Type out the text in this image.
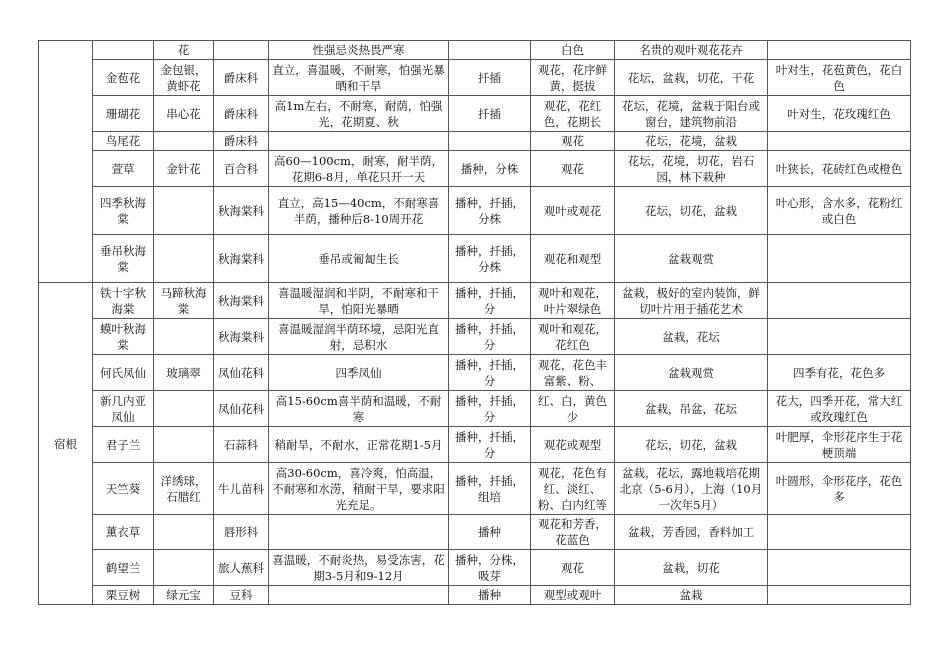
		花		性强忌炎热畏严寒		白色	名贵的观叶观花花卉	
	金苞花	金包银，黄虾花	爵床科	直立，喜温暖，不耐寒，怕强光暴晒和干旱	扦插	观花，花序鲜黄，挺拔	花坛，盆栽，切花，干花	叶对生，花苞黄色，花白色
	珊瑚花	串心花	爵床科	高1m左右，不耐寒，耐荫，怕强光，花期夏、秋	扦插	观花，花红色，花期长	花坛，花境，盆栽于阳台或窗台，建筑物前沿	叶对生，花玫瑰红色
	鸟尾花		爵床科			观花	花坛，花境，盆栽	
	萱草	金针花	百合科	高60—100cm，耐寒，耐半荫，花期6-8月，单花只开一天	播种，分株	观花	花坛，花境，切花，岩石园，林下栽种	叶狭长，花砖红色或橙色
	四季秋海棠		秋海棠科	直立，高15—40cm，不耐寒喜半荫，播种后8-10周开花	播种，扦插，分株	观叶或观花	花坛，切花，盆栽	叶心形，含水多，花粉红或白色
	垂吊秋海棠		秋海棠科	垂吊或匍匐生长	播种，扦插，分株	观花和观型	盆栽观赏	
宿根	铁十字秋海棠	马蹄秋海棠	秋海棠科	喜温暖湿润和半阴，不耐寒和干旱，怕阳光暴晒	播种，扦插，分	观叶和观花，叶片翠绿色	盆栽，极好的室内装饰，鲜切叶片用于插花艺术	
	蟆叶秋海棠		秋海棠科	喜温暖湿润半荫环境，忌阳光直射，忌积水	播种，扦插，分	观叶和观花，花红色	盆栽，花坛	
	何氏凤仙	玻璃翠	凤仙花科	四季凤仙	播种，扦插，分	观花，花色丰富紫、粉、	盆栽观赏	四季有花，花色多
	新几内亚凤仙		凤仙花科	高15-60cm喜半荫和温暖，不耐寒	播种，扦插，分	红、白，黄色少	盆栽，吊盆，花坛	花大，四季开花，常大红或玫瑰红色
	君子兰		石蒜科	稍耐旱，不耐水，正常花期1-5月	播种，扦插，分	观花或观型	花坛，切花，盆栽	叶肥厚，伞形花序生于花梗顶端
	天竺葵	洋绣球，石腊红	牛儿苗科	高30-60cm，喜冷爽，怕高温，不耐寒和水涝，稍耐干旱，要求阳光充足。	播种，扦插，组培	观花，花色有红、淡红、粉、白内红等	盆栽，花坛，露地栽培花期北京（5-6月），上海（10月一次年5月）	叶圆形，伞形花序，花色多
	薰衣草		唇形科		播种	观花和芳香，花蓝色	盆栽，芳香园，香料加工	
	鹤望兰		旅人蕉科	喜温暖，不耐炎热，易受冻害，花期3-5月和9-12月	播种，分株，吸芽	观花	盆栽，切花	
	栗豆树	绿元宝	豆科		播种	观型或观叶	盆栽	
